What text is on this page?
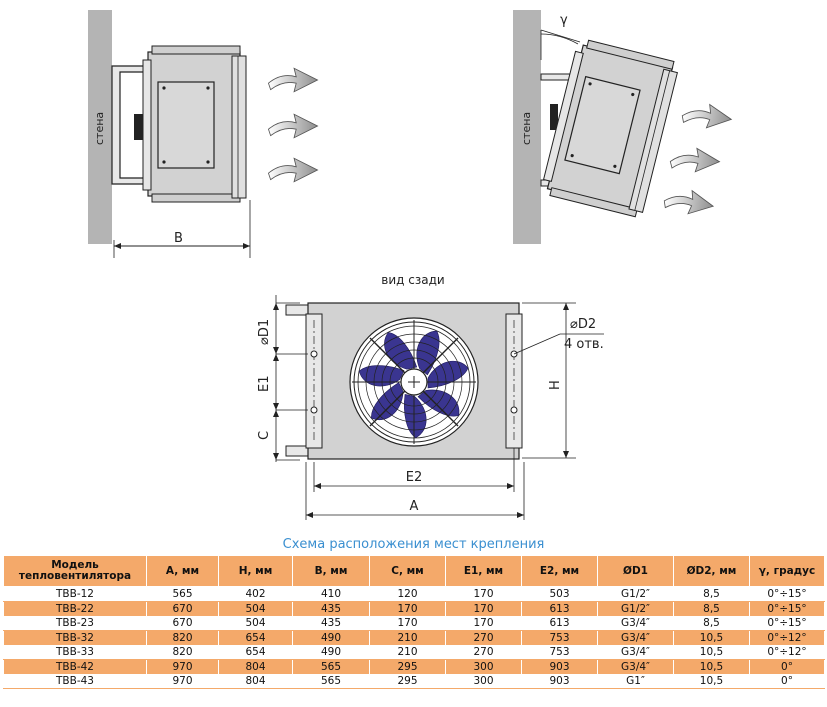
стена
B
стена
γ
вид сзади
⌀D1
E1
C
H
⌀D2
4 отв.
E2
A
Схема расположения мест крепления
Модель тепловентилятора	A, мм	H, мм	B, мм	C, мм	E1, мм	E2, мм	ØD1	ØD2, мм	γ, градус
ТВВ-12	565	402	410	120	170	503	G1/2″	8,5	0°÷15°
ТВВ-22	670	504	435	170	170	613	G1/2″	8,5	0°÷15°
ТВВ-23	670	504	435	170	170	613	G3/4″	8,5	0°÷15°
ТВВ-32	820	654	490	210	270	753	G3/4″	10,5	0°÷12°
ТВВ-33	820	654	490	210	270	753	G3/4″	10,5	0°÷12°
ТВВ-42	970	804	565	295	300	903	G3/4″	10,5	0°
ТВВ-43	970	804	565	295	300	903	G1″	10,5	0°
